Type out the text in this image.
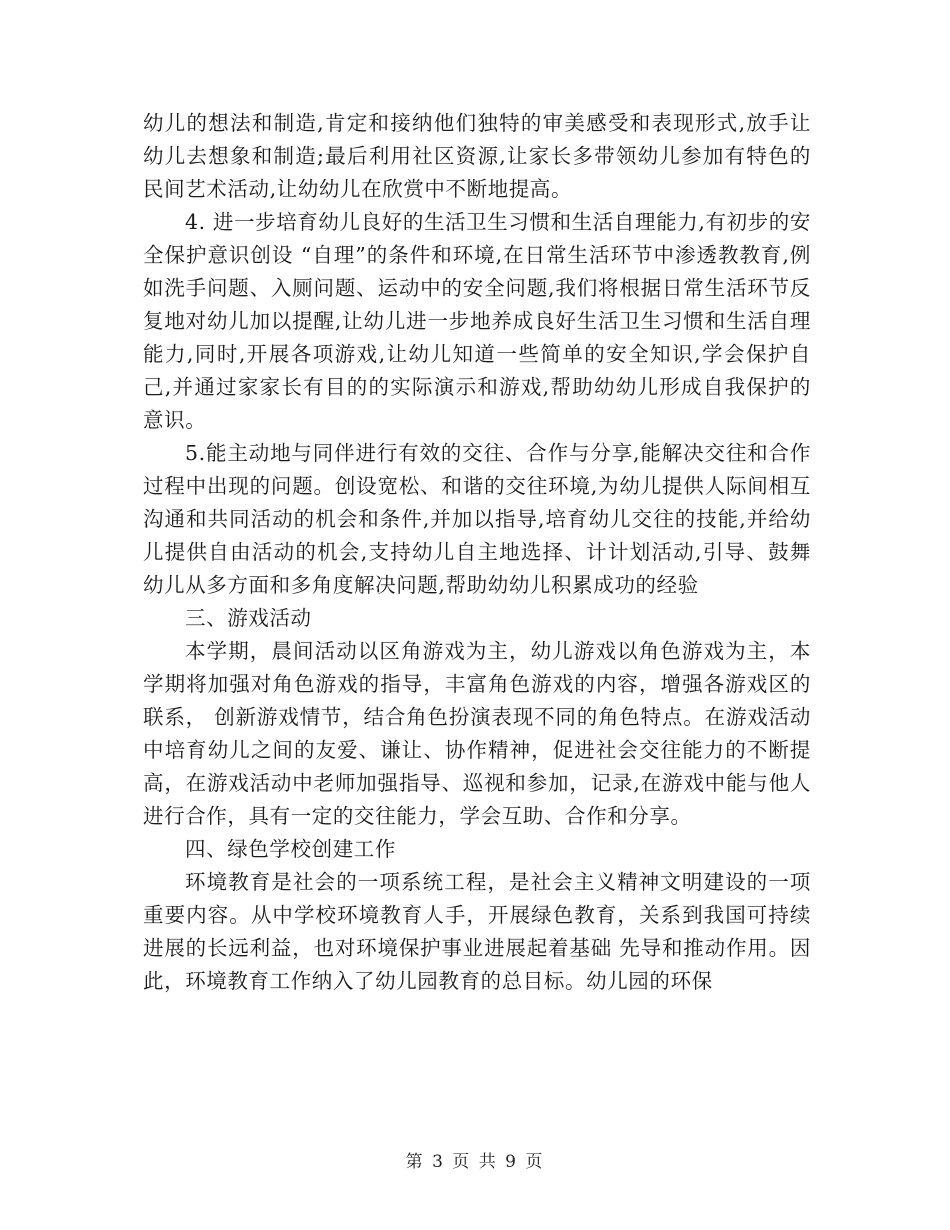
幼儿的想法和制造,肯定和接纳他们独特的审美感受和表现形式,放手让幼儿去想象和制造;最后利用社区资源,让家长多带领幼儿参加有特色的民间艺术活动,让幼幼儿在欣赏中不断地提高。

4. 进一步培育幼儿良好的生活卫生习惯和生活自理能力,有初步的安全保护意识创设 “自理”的条件和环境,在日常生活环节中渗透教教育,例如洗手问题、入厕问题、运动中的安全问题,我们将根据日常生活环节反复地对幼儿加以提醒,让幼儿进一步地养成良好生活卫生习惯和生活自理能力,同时,开展各项游戏,让幼儿知道一些简单的安全知识,学会保护自己,并通过家家长有目的的实际演示和游戏,帮助幼幼儿形成自我保护的意识。

5.能主动地与同伴进行有效的交往、合作与分享,能解决交往和合作过程中出现的问题。创设宽松、和谐的交往环境,为幼儿提供人际间相互沟通和共同活动的机会和条件,并加以指导,培育幼儿交往的技能,并给幼儿提供自由活动的机会,支持幼儿自主地选择、计计划活动,引导、鼓舞幼儿从多方面和多角度解决问题,帮助幼幼儿积累成功的经验

三、游戏活动

本学期，晨间活动以区角游戏为主，幼儿游戏以角色游戏为主，本学期将加强对角色游戏的指导，丰富角色游戏的内容，增强各游戏区的联系， 创新游戏情节，结合角色扮演表现不同的角色特点。在游戏活动中培育幼儿之间的友爱、谦让、协作精神，促进社会交往能力的不断提高，在游戏活动中老师加强指导、巡视和参加，记录,在游戏中能与他人进行合作，具有一定的交往能力，学会互助、合作和分享。

四、绿色学校创建工作

环境教育是社会的一项系统工程，是社会主义精神文明建设的一项重要内容。从中学校环境教育人手，开展绿色教育，关系到我国可持续进展的长远利益，也对环境保护事业进展起着基础 先导和推动作用。因此，环境教育工作纳入了幼儿园教育的总目标。幼儿园的环保

第 3 页 共 9 页
